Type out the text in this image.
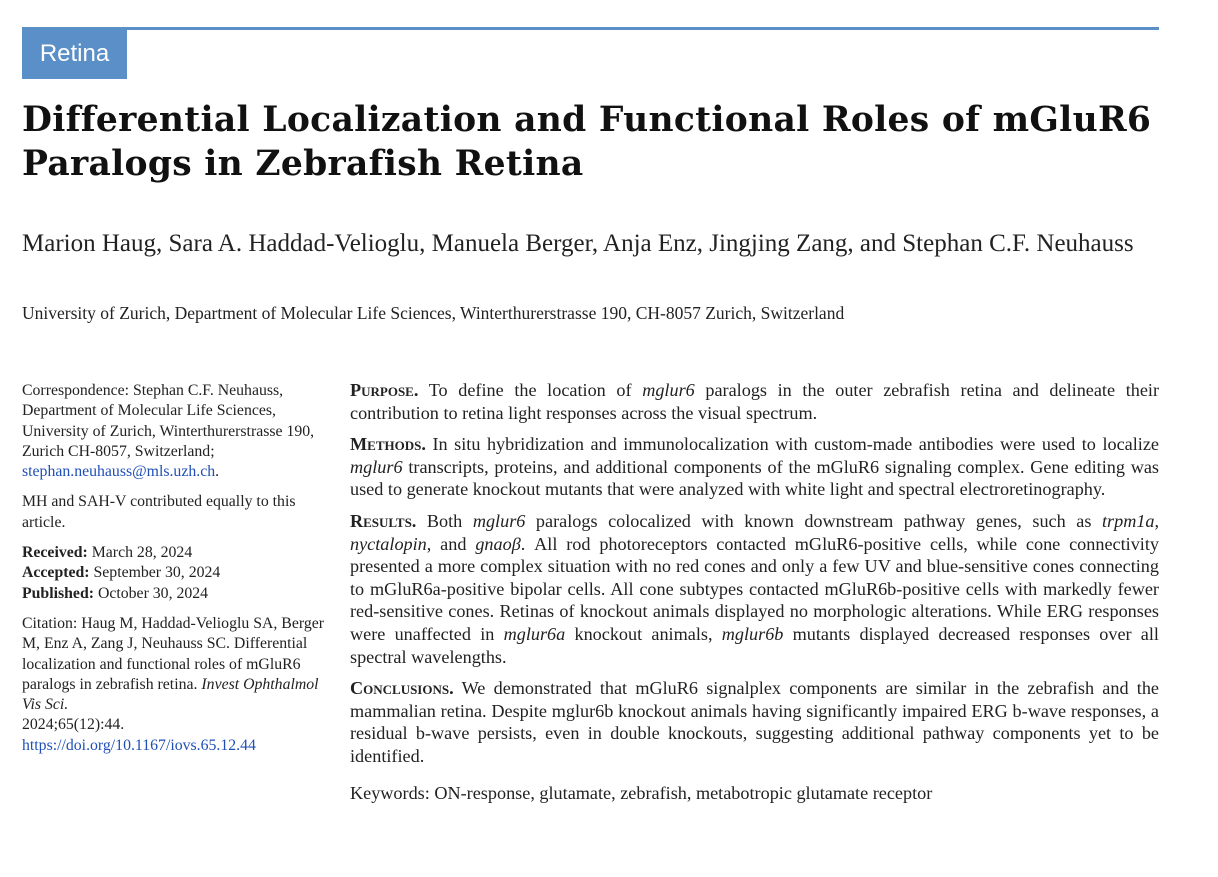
Retina
Differential Localization and Functional Roles of mGluR6 Paralogs in Zebrafish Retina
Marion Haug, Sara A. Haddad-Velioglu, Manuela Berger, Anja Enz, Jingjing Zang, and Stephan C.F. Neuhauss
University of Zurich, Department of Molecular Life Sciences, Winterthurerstrasse 190, CH-8057 Zurich, Switzerland

Correspondence: Stephan C.F. Neuhauss, Department of Molecular Life Sciences, University of Zurich, Winterthurerstrasse 190, Zurich CH-8057, Switzerland; stephan.neuhauss@mls.uzh.ch.

MH and SAH-V contributed equally to this article.

Received: March 28, 2024
Accepted: September 30, 2024
Published: October 30, 2024

Citation: Haug M, Haddad-Velioglu SA, Berger M, Enz A, Zang J, Neuhauss SC. Differential localization and functional roles of mGluR6 paralogs in zebrafish retina. Invest Ophthalmol Vis Sci.
2024;65(12):44.
https://doi.org/10.1167/iovs.65.12.44

Purpose. To define the location of mglur6 paralogs in the outer zebrafish retina and delineate their contribution to retina light responses across the visual spectrum.

Methods. In situ hybridization and immunolocalization with custom-made antibodies were used to localize mglur6 transcripts, proteins, and additional components of the mGluR6 signaling complex. Gene editing was used to generate knockout mutants that were analyzed with white light and spectral electroretinography.

Results. Both mglur6 paralogs colocalized with known downstream pathway genes, such as trpm1a, nyctalopin, and gnaoβ. All rod photoreceptors contacted mGluR6-positive cells, while cone connectivity presented a more complex situation with no red cones and only a few UV and blue-sensitive cones connecting to mGluR6a-positive bipolar cells. All cone subtypes contacted mGluR6b-positive cells with markedly fewer red-sensitive cones. Retinas of knockout animals displayed no morphologic alterations. While ERG responses were unaffected in mglur6a knockout animals, mglur6b mutants displayed decreased responses over all spectral wavelengths.

Conclusions. We demonstrated that mGluR6 signalplex components are similar in the zebrafish and the mammalian retina. Despite mglur6b knockout animals having significantly impaired ERG b-wave responses, a residual b-wave persists, even in double knockouts, suggesting additional pathway components yet to be identified.

Keywords: ON-response, glutamate, zebrafish, metabotropic glutamate receptor
